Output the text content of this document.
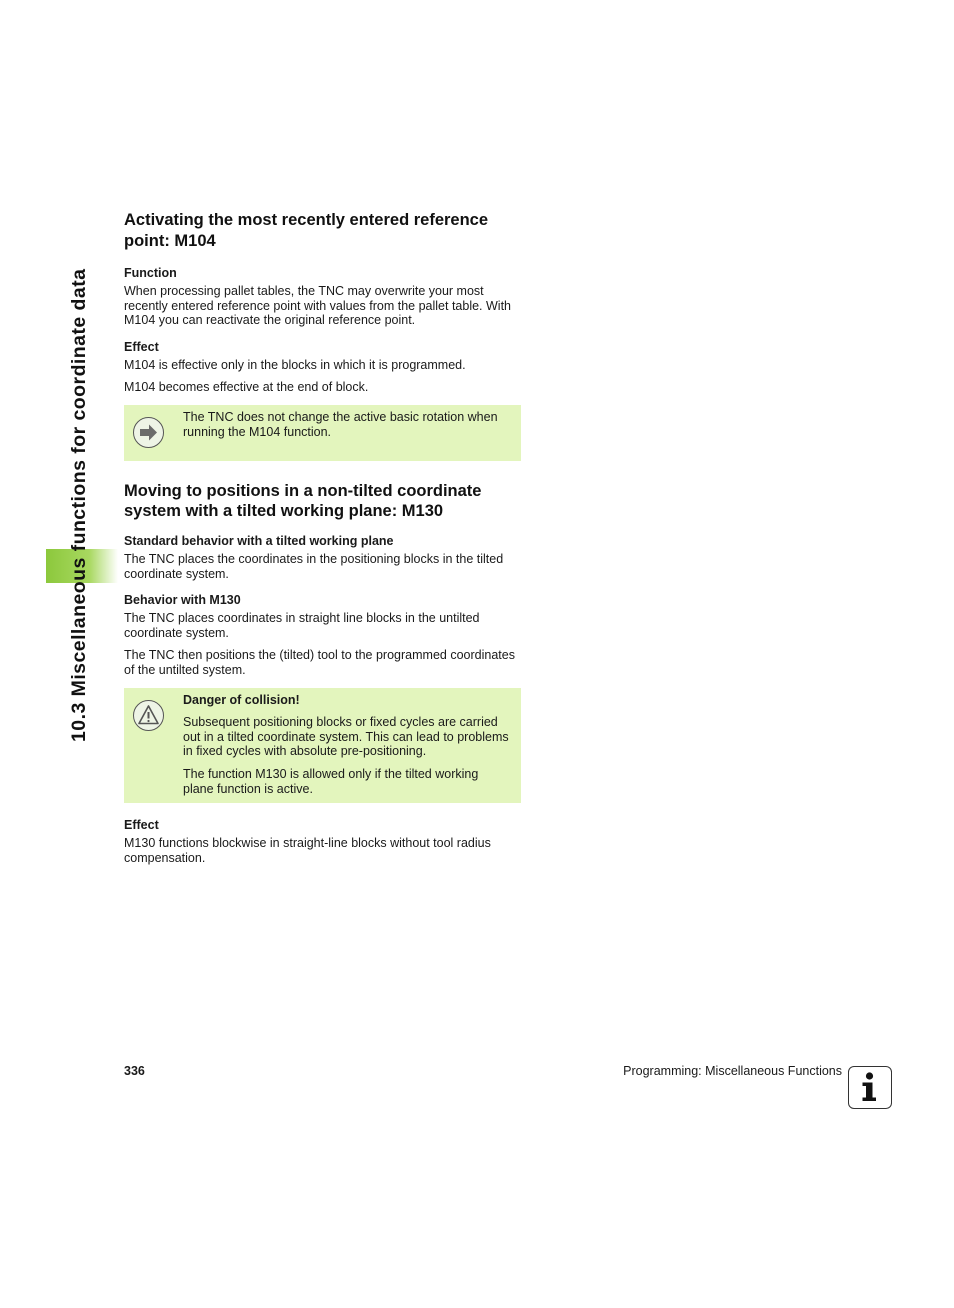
10.3 Miscellaneous functions for coordinate data
Activating the most recently entered reference point: M104
Function

When processing pallet tables, the TNC may overwrite your most recently entered reference point with values from the pallet table. With M104 you can reactivate the original reference point.

Effect

M104 is effective only in the blocks in which it is programmed.

M104 becomes effective at the end of block.

The TNC does not change the active basic rotation when running the M104 function.

Moving to positions in a non-tilted coordinate system with a tilted working plane: M130
Standard behavior with a tilted working plane

The TNC places the coordinates in the positioning blocks in the tilted coordinate system.

Behavior with M130

The TNC places coordinates in straight line blocks in the untilted coordinate system.

The TNC then positions the (tilted) tool to the programmed coordinates of the untilted system.

Danger of collision!

Subsequent positioning blocks or fixed cycles are carried out in a tilted coordinate system. This can lead to problems in fixed cycles with absolute pre-positioning.

The function M130 is allowed only if the tilted working plane function is active.

Effect

M130 functions blockwise in straight-line blocks without tool radius compensation.

336	Programming: Miscellaneous Functions
